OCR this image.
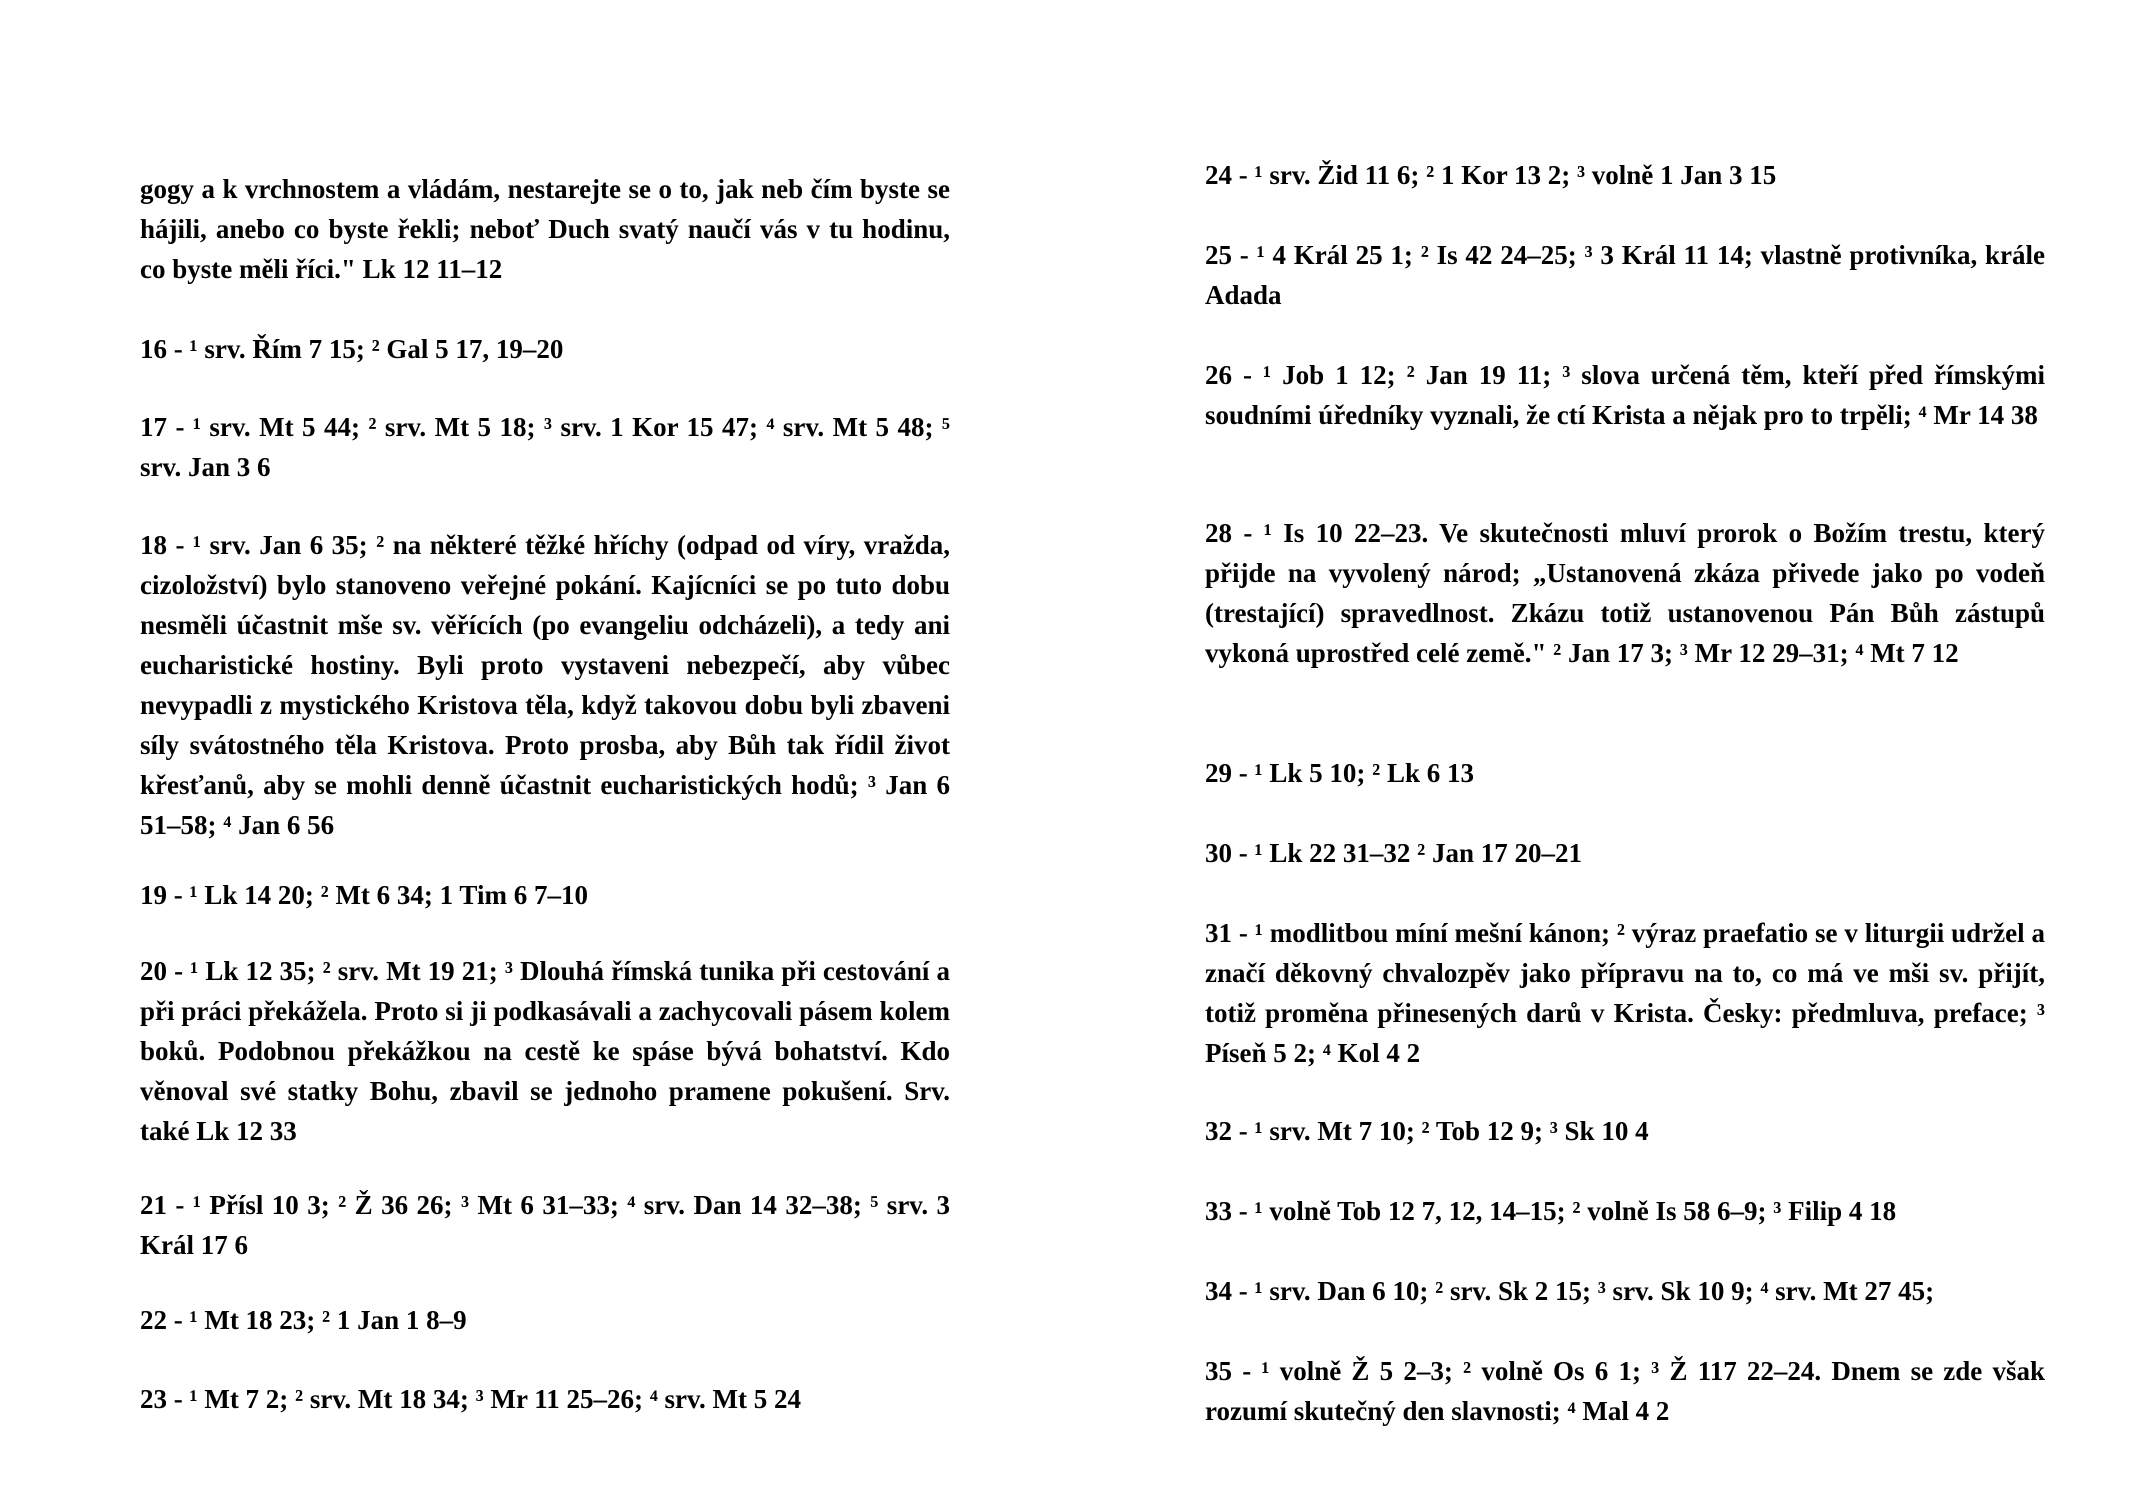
gogy a k vrchnostem a vládám, nestarejte se o to, jak neb čím byste se hájili, anebo co byste řekli; neboť Duch svatý naučí vás v tu hodinu, co byste měli říci." Lk 12 11–12

16 - ¹ srv. Řím 7 15; ² Gal 5 17, 19–20

17 - ¹ srv. Mt 5 44; ² srv. Mt 5 18; ³ srv. 1 Kor 15 47; ⁴ srv. Mt 5 48; ⁵ srv. Jan 3 6

18 - ¹ srv. Jan 6 35; ² na některé těžké hříchy (odpad od víry, vražda, cizoložství) bylo stanoveno veřejné pokání. Kajícníci se po tuto dobu nesměli účastnit mše sv. věřících (po evangeliu odcházeli), a tedy ani eucharistické hostiny. Byli proto vystaveni nebezpečí, aby vůbec nevypadli z mystického Kristova těla, když takovou dobu byli zbaveni síly svátostného těla Kristova. Proto prosba, aby Bůh tak řídil život křesťanů, aby se mohli denně účastnit eucharistických hodů; ³ Jan 6 51–58; ⁴ Jan 6 56

19 - ¹ Lk 14 20; ² Mt 6 34; 1 Tim 6 7–10

20 - ¹ Lk 12 35; ² srv. Mt 19 21; ³ Dlouhá římská tunika při cestování a při práci překážela. Proto si ji podkasávali a zachycovali pásem kolem boků. Podobnou překážkou na cestě ke spáse bývá bohatství. Kdo věnoval své statky Bohu, zbavil se jednoho pramene pokušení. Srv. také Lk 12 33

21 - ¹ Přísl 10 3; ² Ž 36 26; ³ Mt 6 31–33; ⁴ srv. Dan 14 32–38; ⁵ srv. 3 Král 17 6

22 - ¹ Mt 18 23; ² 1 Jan 1 8–9

23 - ¹ Mt 7 2; ² srv. Mt 18 34; ³ Mr 11 25–26; ⁴ srv. Mt 5 24

24 - ¹ srv. Žid 11 6; ² 1 Kor 13 2; ³ volně 1 Jan 3 15

25 - ¹ 4 Král 25 1; ² Is 42 24–25; ³ 3 Král 11 14; vlastně protivníka, krále Adada

26 - ¹ Job 1 12; ² Jan 19 11; ³ slova určená těm, kteří před římskými soudními úředníky vyznali, že ctí Krista a nějak pro to trpěli; ⁴ Mr 14 38

28 - ¹ Is 10 22–23. Ve skutečnosti mluví prorok o Božím trestu, který přijde na vyvolený národ; „Ustanovená zkáza přivede jako po vodeň (trestající) spravedlnost. Zkázu totiž ustanovenou Pán Bůh zástupů vykoná uprostřed celé země." ² Jan 17 3; ³ Mr 12 29–31; ⁴ Mt 7 12

29 - ¹ Lk 5 10; ² Lk 6 13

30 - ¹ Lk 22 31–32 ² Jan 17 20–21

31 - ¹ modlitbou míní mešní kánon; ² výraz praefatio se v liturgii udržel a značí děkovný chvalozpěv jako přípravu na to, co má ve mši sv. přijít, totiž proměna přinesených darů v Krista. Česky: předmluva, preface; ³ Píseň 5 2; ⁴ Kol 4 2

32 - ¹ srv. Mt 7 10; ² Tob 12 9; ³ Sk 10 4

33 - ¹ volně Tob 12 7, 12, 14–15; ² volně Is 58 6–9; ³ Filip 4 18

34 - ¹ srv. Dan 6 10; ² srv. Sk 2 15; ³ srv. Sk 10 9; ⁴ srv. Mt 27 45;

35 - ¹ volně Ž 5 2–3; ² volně Os 6 1; ³ Ž 117 22–24. Dnem se zde však rozumí skutečný den slavnosti; ⁴ Mal 4 2
